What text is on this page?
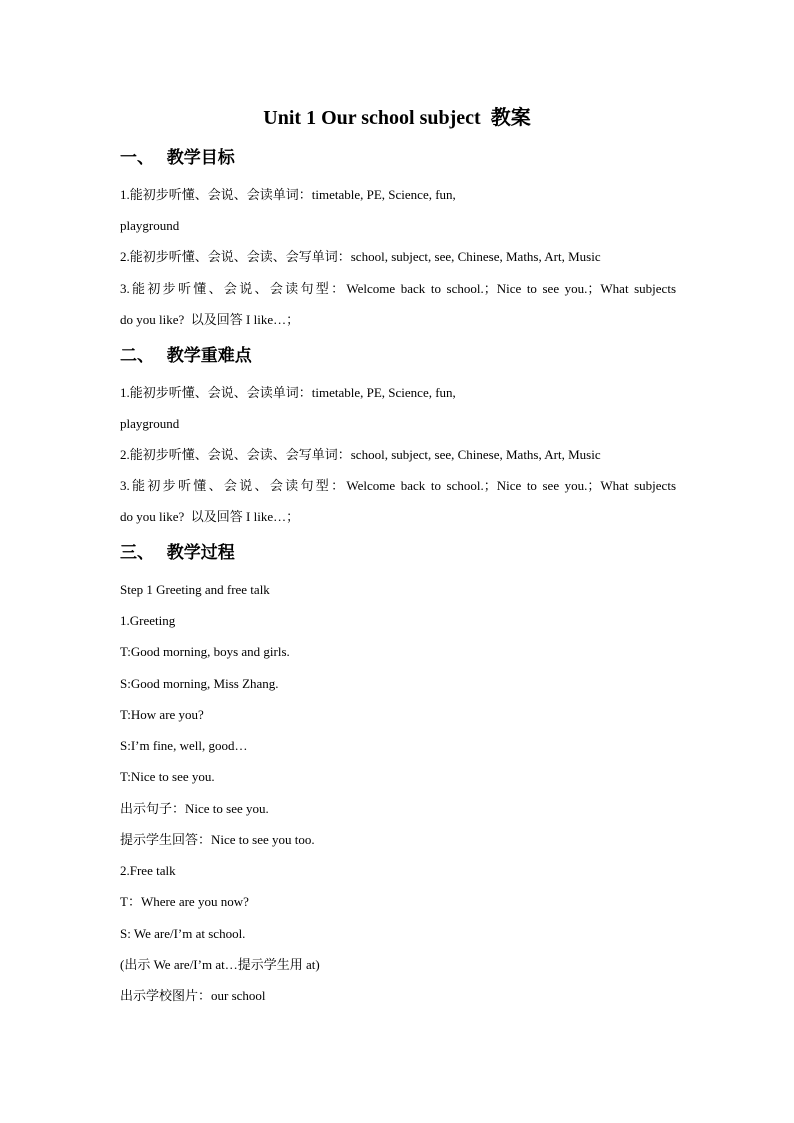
Unit 1 Our school subject  教案
一、   教学目标
1.能初步听懂、会说、会读单词：timetable, PE, Science, fun,
playground
2.能初步听懂、会说、会读、会写单词：school, subject, see, Chinese, Maths, Art, Music
3.能初步听懂、会说、会读句型：Welcome back to school.；Nice to see you.；What subjects
do you like?  以及回答 I like…；
二、   教学重难点
1.能初步听懂、会说、会读单词：timetable, PE, Science, fun,
playground
2.能初步听懂、会说、会读、会写单词：school, subject, see, Chinese, Maths, Art, Music
3.能初步听懂、会说、会读句型：Welcome back to school.；Nice to see you.；What subjects
do you like?  以及回答 I like…；
三、   教学过程
Step 1 Greeting and free talk
1.Greeting
T:Good morning, boys and girls.
S:Good morning, Miss Zhang.
T:How are you?
S:I’m fine, well, good…
T:Nice to see you.
出示句子：Nice to see you.
提示学生回答：Nice to see you too.
2.Free talk
T：Where are you now?
S: We are/I’m at school.
(出示 We are/I’m at…提示学生用 at)
出示学校图片：our school
